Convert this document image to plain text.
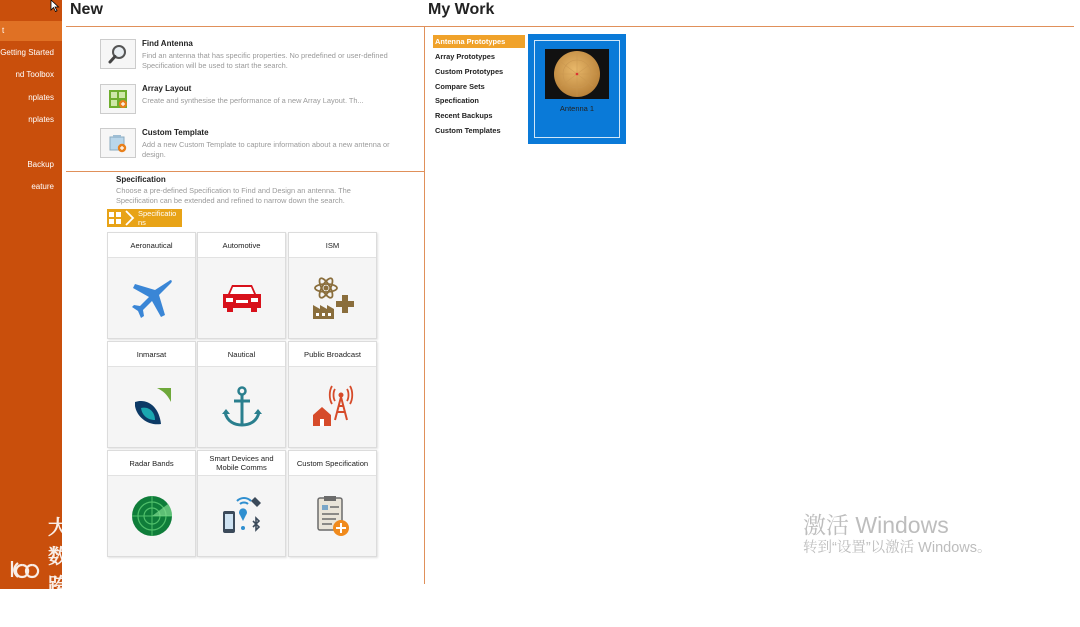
t
Getting Started
nd Toolbox
nplates
nplates
Backup
eature
大数跨境
New	My Work
Find Antenna
Find an antenna that has specific properties. No predefined or user-defined Specification will be used to start the search.
Array Layout
Create and synthesise the performance of a new Array Layout. Th...
Custom Template
Add a new Custom Template to capture information about a new antenna or design.
Specification
Choose a pre-defined Specification to Find and Design an antenna. The Specification can be extended and refined to narrow down the search.
Specificatio ns
Aeronautical	Automotive	ISM
Inmarsat	Nautical	Public Broadcast
Radar Bands	Smart Devices and Mobile Comms	Custom Specification
Antenna Prototypes
Array Prototypes
Custom Prototypes
Compare Sets
Specfication
Recent Backups
Custom Templates
Antenna 1
激活 Windows
转到“设置”以激活 Windows。
